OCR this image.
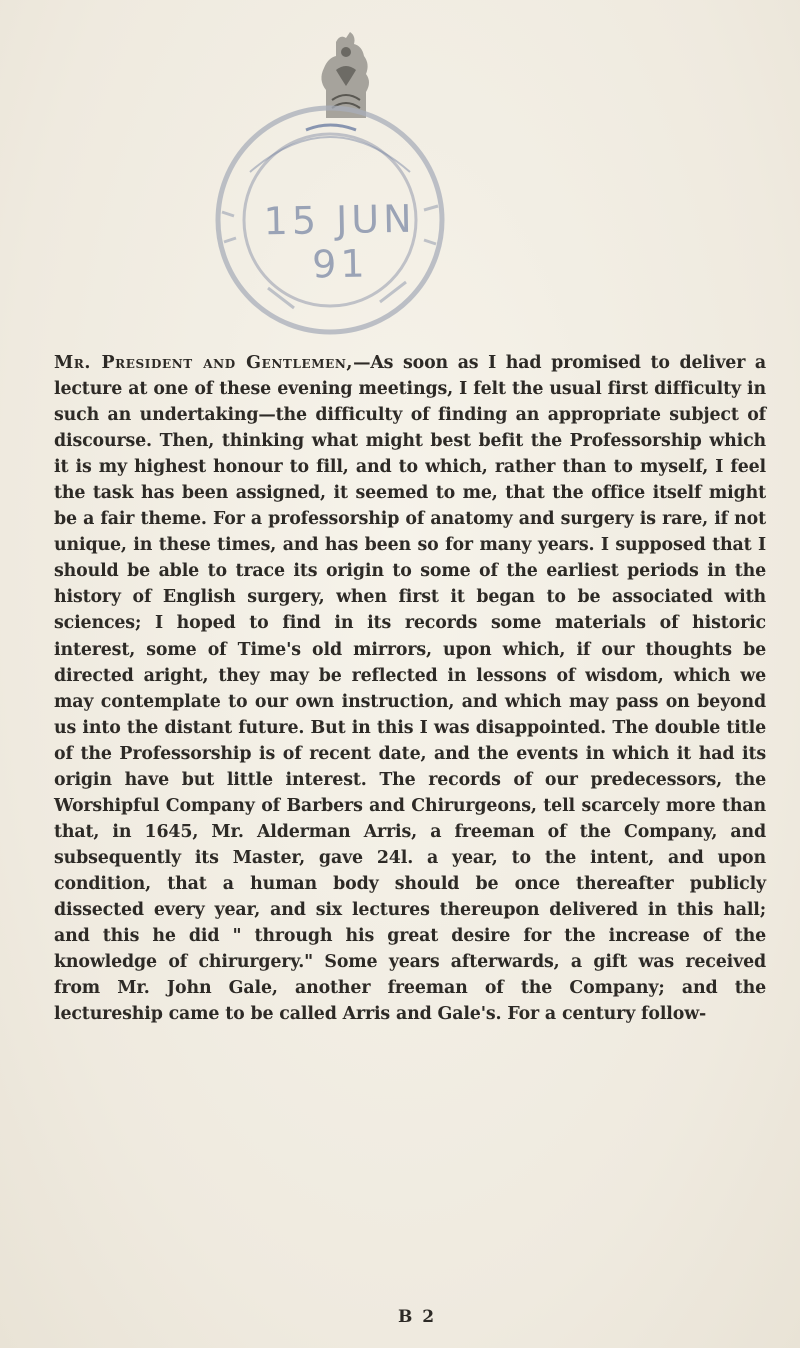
15 JUN 91

Mr. President and Gentlemen,—As soon as I had promised to deliver a lecture at one of these evening meetings, I felt the usual first difficulty in such an undertaking—the difficulty of finding an appropriate subject of discourse. Then, thinking what might best befit the Professorship which it is my highest honour to fill, and to which, rather than to myself, I feel the task has been assigned, it seemed to me, that the office itself might be a fair theme. For a professorship of anatomy and surgery is rare, if not unique, in these times, and has been so for many years. I supposed that I should be able to trace its origin to some of the earliest periods in the history of English surgery, when first it began to be associated with sciences; I hoped to find in its records some materials of historic interest, some of Time's old mirrors, upon which, if our thoughts be directed aright, they may be reflected in lessons of wisdom, which we may contemplate to our own instruction, and which may pass on beyond us into the distant future. But in this I was disappointed. The double title of the Professorship is of recent date, and the events in which it had its origin have but little interest. The records of our predecessors, the Worshipful Company of Barbers and Chirurgeons, tell scarcely more than that, in 1645, Mr. Alderman Arris, a freeman of the Company, and subsequently its Master, gave 24l. a year, to the intent, and upon condition, that a human body should be once thereafter publicly dissected every year, and six lectures thereupon delivered in this hall; and this he did " through his great desire for the increase of the knowledge of chirurgery." Some years afterwards, a gift was received from Mr. John Gale, another freeman of the Company; and the lectureship came to be called Arris and Gale's. For a century follow-

B 2
